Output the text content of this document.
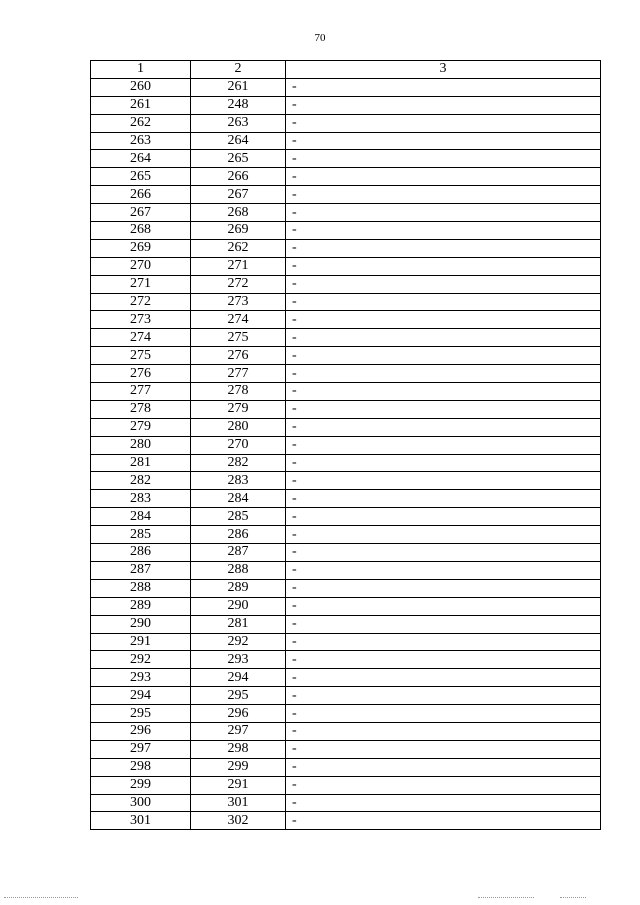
70
1	2	3
260	261	-
261	248	-
262	263	-
263	264	-
264	265	-
265	266	-
266	267	-
267	268	-
268	269	-
269	262	-
270	271	-
271	272	-
272	273	-
273	274	-
274	275	-
275	276	-
276	277	-
277	278	-
278	279	-
279	280	-
280	270	-
281	282	-
282	283	-
283	284	-
284	285	-
285	286	-
286	287	-
287	288	-
288	289	-
289	290	-
290	281	-
291	292	-
292	293	-
293	294	-
294	295	-
295	296	-
296	297	-
297	298	-
298	299	-
299	291	-
300	301	-
301	302	-
